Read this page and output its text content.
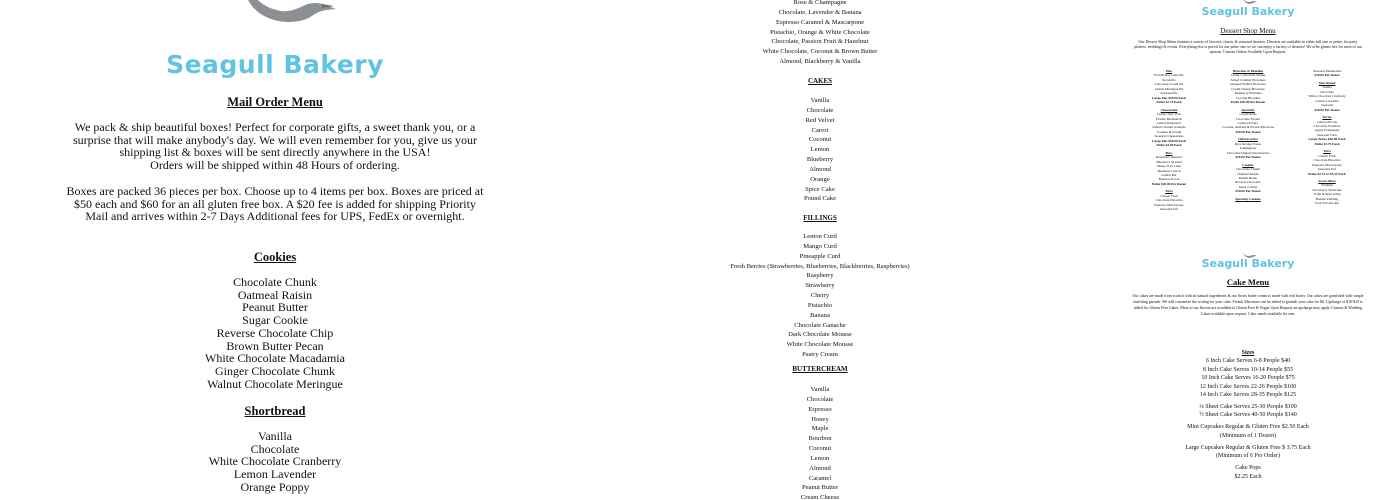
Seagull Bakery
Mail Order Menu
We pack & ship beautiful boxes! Perfect for corporate gifts, a sweet thank you, or a surprise that will make anybody's day. We will even remember for you, give us your shipping list & boxes will be sent directly anywhere in the USA!
Orders will be shipped within 48 Hours of ordering.
Boxes are packed 36 pieces per box. Choose up to 4 items per box. Boxes are priced at $50 each and $60 for an all gluten free box. A $20 fee is added for shipping Priority Mail and arrives within 2-7 Days Additional fees for UPS, FedEx or overnight.
Cookies
Chocolate Chunk
Oatmeal Raisin
Peanut Butter
Sugar Cookie
Reverse Chocolate Chip
Brown Butter Pecan
White Chocolate Macadamia
Ginger Chocolate Chunk
Walnut Chocolate Meringue
Shortbread
Vanilla
Chocolate
White Chocolate Cranberry
Lemon Lavender
Orange Poppy
Rose & Champagne
Chocolate, Lavender & Banana
Espresso Caramel & Mascarpone
Pistachio, Orange & White Chocolate
Chocolate, Passion Fruit & Hazelnut
White Chocolate, Coconut & Brown Butter
Almond, Blackberry & Vanilla
CAKES
Vanilla
Chocolate
Red Velvet
Carrot
Coconut
Lemon
Blueberry
Almond
Orange
Spice Cake
Pound Cake
FILLINGS
Lemon Curd
Mango Curd
Pineapple Curd
Fresh Berries (Strawberries, Blueberries, Blackberries, Raspberries)
Raspberry
Strawberry
Cherry
Pistachio
Banana
Chocolate Ganache
Dark Chocolate Mousse
White Chocolate Mousse
Pastry Cream
BUTTERCREAM
Vanilla
Chocolate
Espresso
Honey
Maple
Bourbon
Coconut
Lemon
Almond
Caramel
Peanut Butter
Cream Cheese
Seagull Bakery
Dessert Shop Menu
Our Dessert Shop Menu features a variety of favorite, classic & seasonal desserts. Desserts are available in either full size or petite, for party platters, weddings & events. Everything else is priced for our petite size so we can enjoy a variety of desserts! We offer gluten free for most of our options. Custom Orders Available Upon Request.
Pies
Florida Key Lime Pie
Pecan Pie
Chocolate Cream Pie
Lemon Meringue Pie
Seasonal Pie
Large Pies $45.00 Each
Petite $2.75 Each
Cheesecake
Classic New York
Florida Dreamsicle
Lemon Raspberry
Salted Caramel Ganache
Cookies & Cream
Seasonal Cheesecake
Large Pies $50.00 Each
Petite $3.00 Each
Bars
Raspberry Almond
Blueberry Streusel
Mango Key Lime
Hazelnut Crunch
Lemon Bar
Bourbon Pecan
Petite $20.00 Per Dozen
Tarts
Classic Fruit
Chocolate Pistachio
Espresso Mascarpone
Seasonal Tart
Brownies & Blondies
Classic Chocolate Chunk
Salted Caramel Brownies
Smoked Walnut Brownies
Cream Cheese Brownies
Raspberry Blondies
Coconut Blondies
Petite $20.00 Per Dozen
Specialty
Cream Puffs
Chocolate Eclairs
Lemon Eclairs
Coconut, Almond & French Macarons
$20.00 Per Dozen
Old Favorites
Rice Krispie Treats
Lamingtons
Chocolate Dipped Strawberries
$20.00 Per Dozen
Cookies
Chocolate Chunk
Oatmeal Raisin
Peanut Butter
Reverse Chocolate
Sugar Cookie
$18.00 Per Dozen
Specialty Cookies
Seasonal Madeleines
$20.00 Per Dozen
Shortbread
Vanilla
Chocolate
White Chocolate Cranberry
Lemon Lavender
Seasonal
$18.00 Per Dozen
Tortes
Lemon Ricotta
Chocolate Flourless
Apple Frangipane
Seasonal Torte
Large Tortes $40.00 Each
Petite $2.75 Each
Tarts
Classic Fruit
Chocolate Pistachio
Espresso Mascarpone
Seasonal Tart
Petite $2.75 or $3.25 Each
Sweet Slices
Tiramisu
Strawberry Shortcake
Trifle & Fruit Whip
Banana Pudding
Your Favorite Pie
Seagull Bakery
Cake Menu
Our cakes are made from scratch with all natural ingredients & our Swiss butter cream is made with real butter. Our cakes are garnished with simple matching garnish. We will customize the writing for your cake. French Macarons can be added to garnish your cake for $6. Upcharge of $10-$15 is added for Gluten Free Cakes. Most of our flavors are available in Gluten Free & Vegan Upon Request an upcharge may apply. Custom & Wedding Cakes available upon request. Cake stands available for rent.
Sizes
6 Inch Cake Serves 6-8 People $40
8 Inch Cake Serves 10-14 People $55
10 Inch Cake Serves 16-20 People $75
12 Inch Cake Serves 22-26 People $100
14 Inch Cake Serves 28-35 People $125
¼ Sheet Cake Serves 25-30 People $100
½ Sheet Cake Serves 40-50 People $140
Mini Cupcakes Regular & Gluten Free $2.50 Each
(Minimum of 1 Dozen)
Large Cupcakes Regular & Gluten Free $ 3.75 Each
(Minimum of 6 Per Order)
Cake Pops
$2.25 Each
